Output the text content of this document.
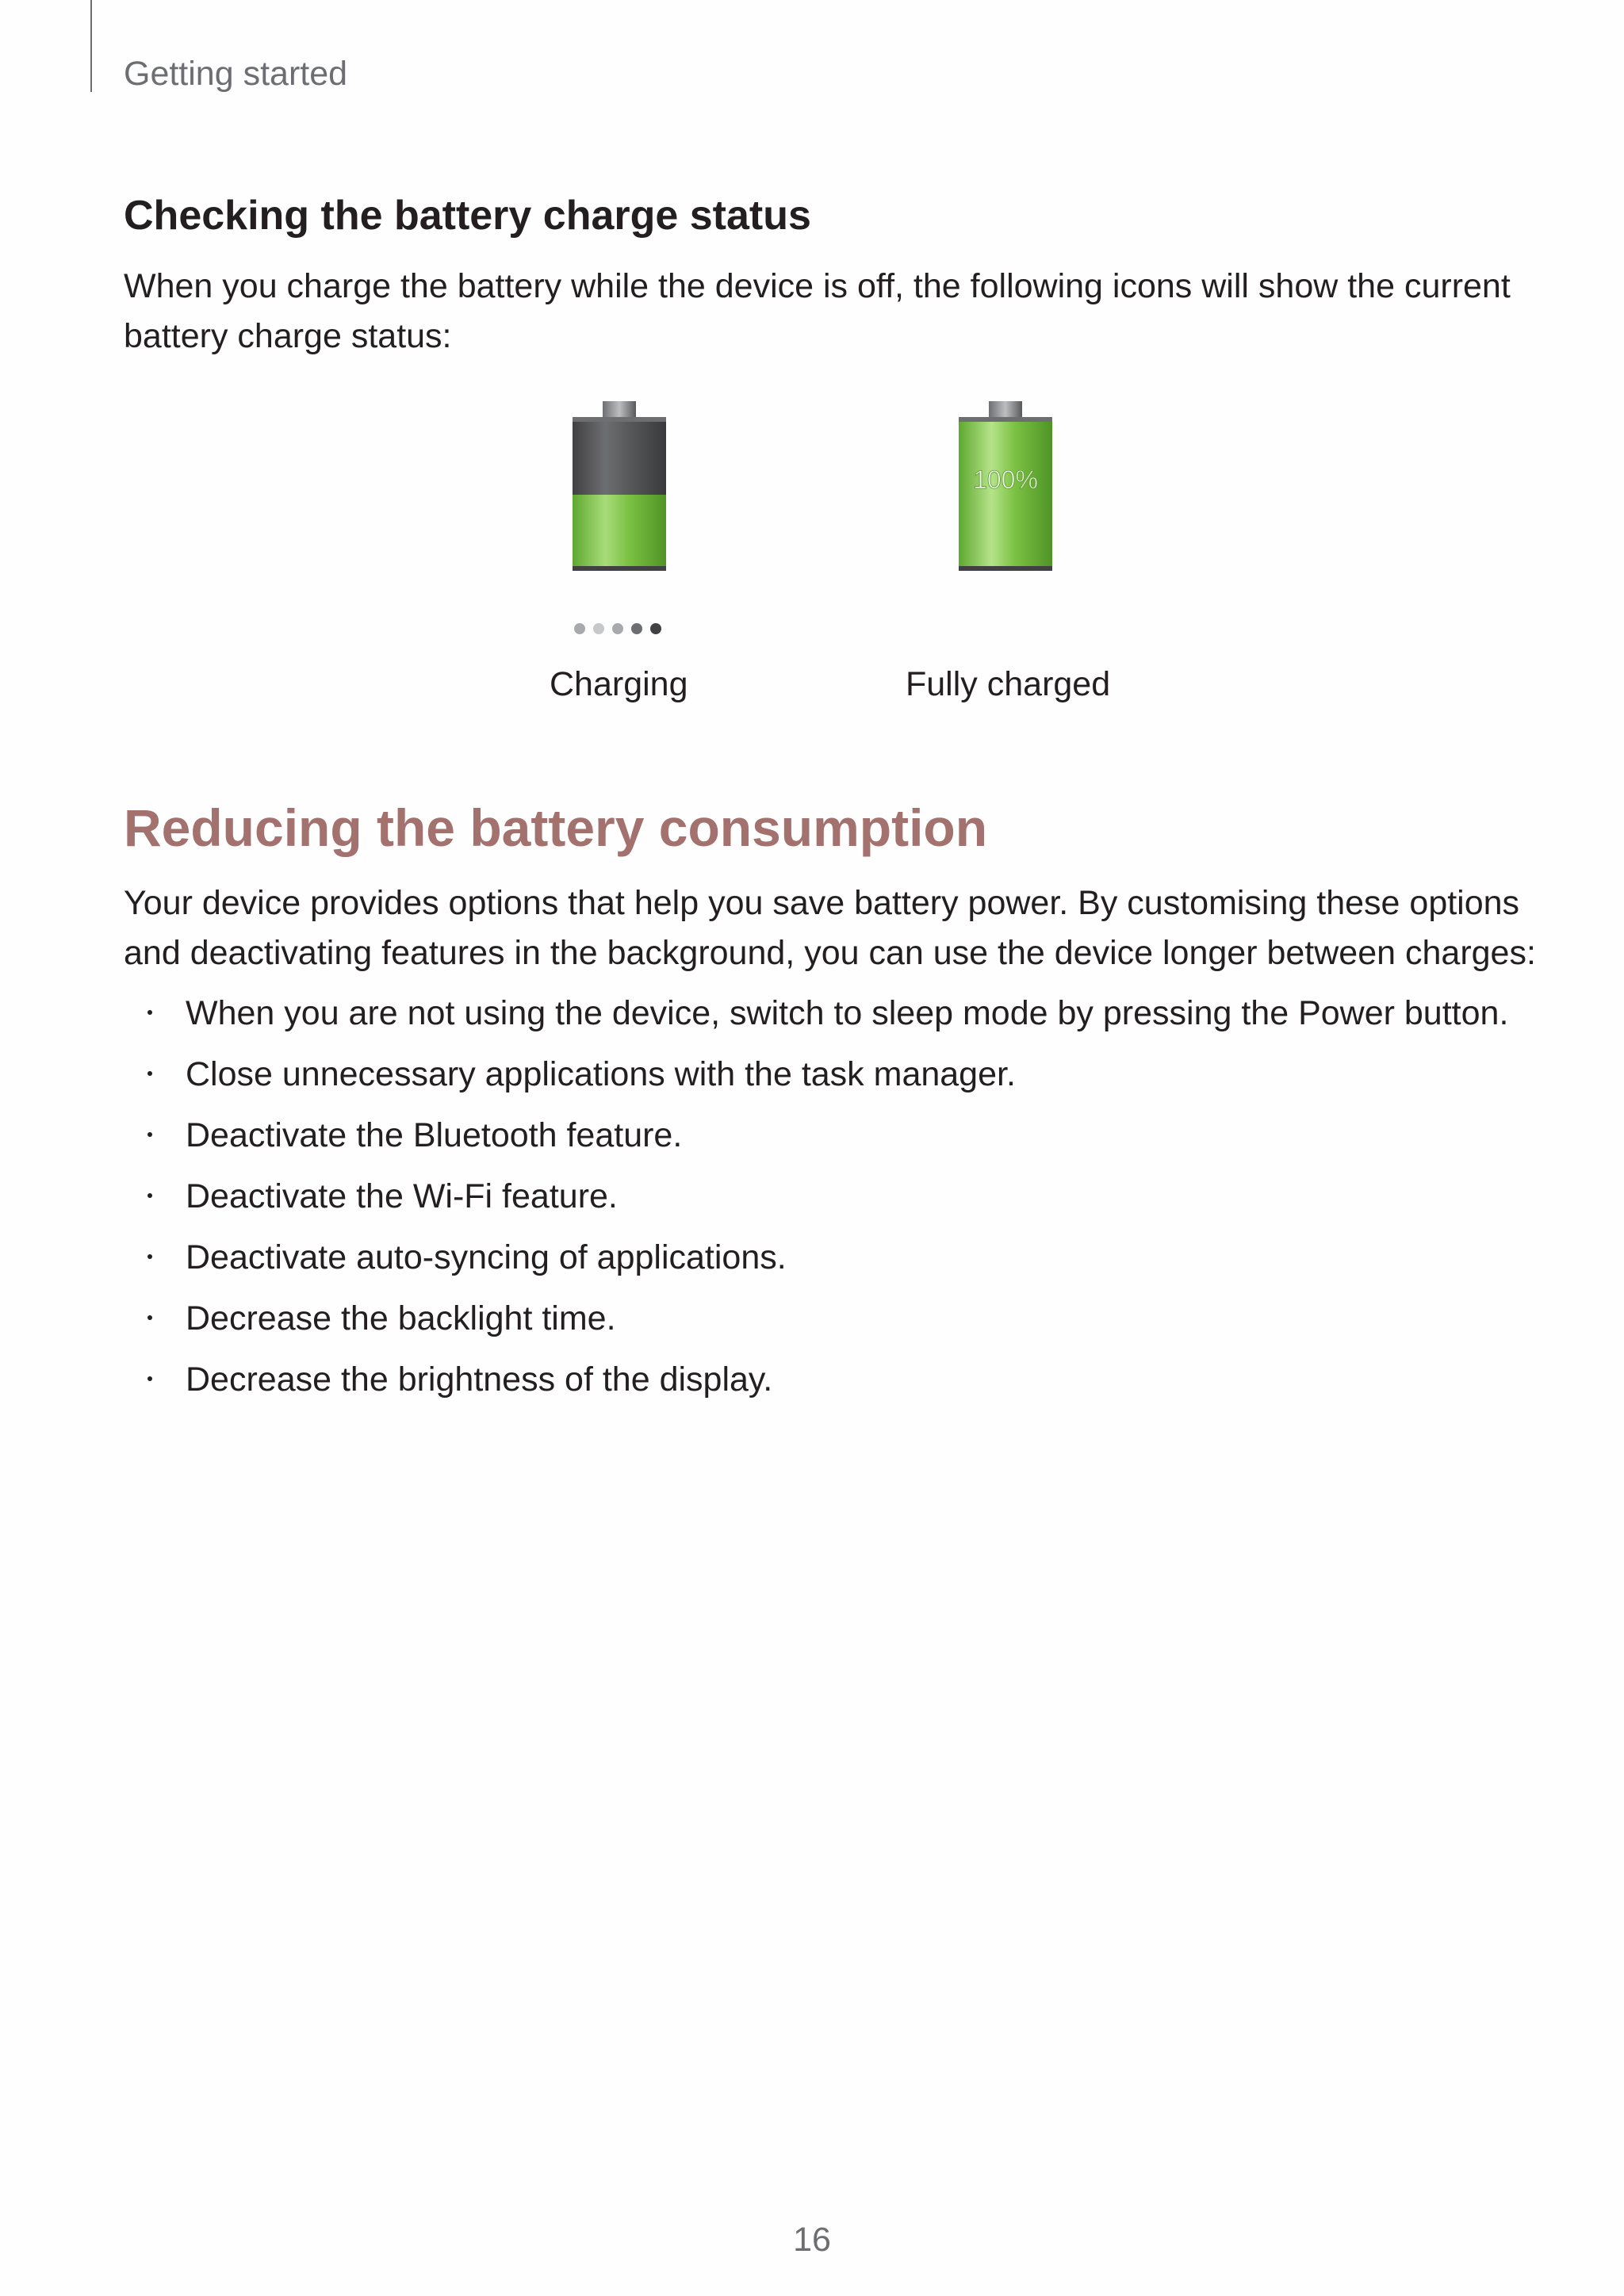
Getting started
Checking the battery charge status

When you charge the battery while the device is off, the following icons will show the current battery charge status:

Charging
100%
Fully charged
Reducing the battery consumption

Your device provides options that help you save battery power. By customising these options and deactivating features in the background, you can use the device longer between charges:

When you are not using the device, switch to sleep mode by pressing the Power button.
Close unnecessary applications with the task manager.
Deactivate the Bluetooth feature.
Deactivate the Wi-Fi feature.
Deactivate auto-syncing of applications.
Decrease the backlight time.
Decrease the brightness of the display.
16
